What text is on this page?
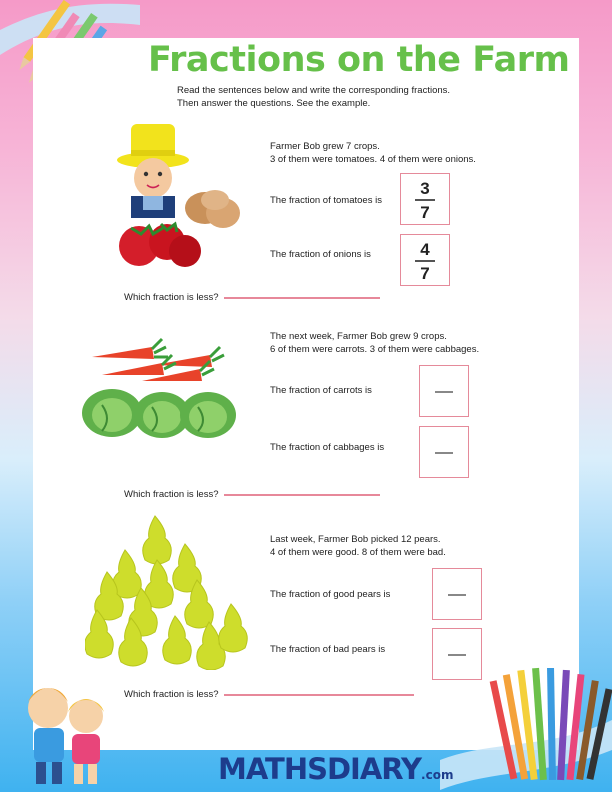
Fractions on the Farm
Read the sentences below and write the corresponding fractions.
Then answer the questions. See the example.
Farmer Bob grew 7 crops.
3 of them were tomatoes. 4 of them were onions.
The fraction of tomatoes is
3
7
The fraction of onions is	4
7
Which fraction is less?
The next week, Farmer Bob grew 9 crops.
6 of them were carrots. 3 of them were cabbages.
The fraction of carrots is
The fraction of cabbages is
Which fraction is less?
Last week, Farmer Bob picked 12 pears.
4 of them were good. 8 of them were bad.
The fraction of good pears is
The fraction of bad pears is
Which fraction is less?
MATHSDIARY.com
